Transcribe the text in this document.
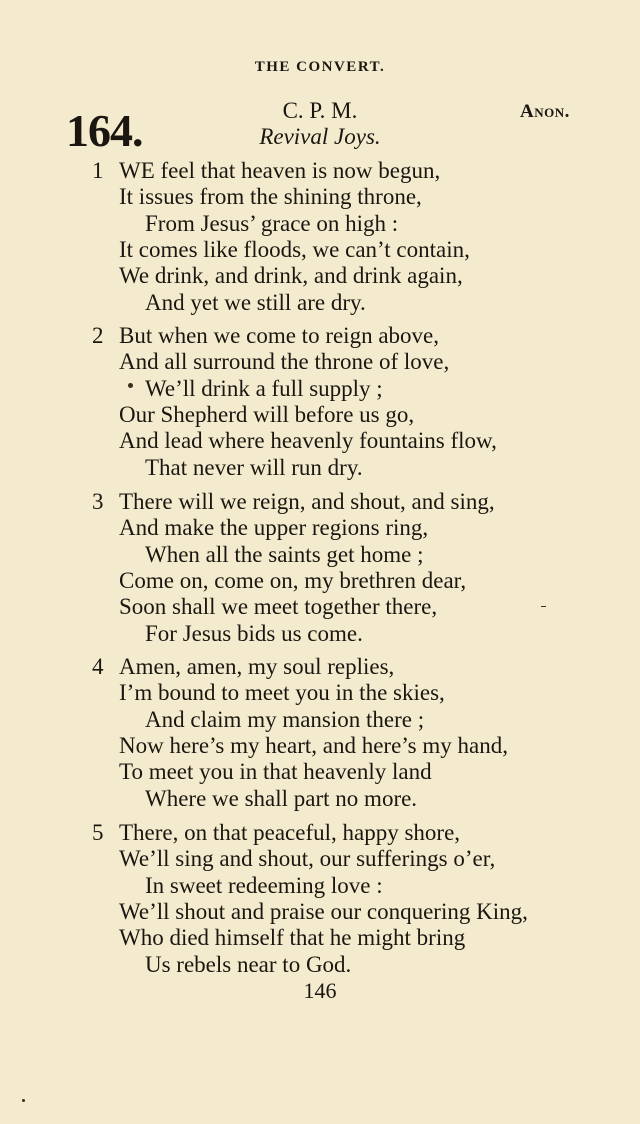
THE CONVERT.
164.	C. P. M.
Revival Joys.
Anon.
1 WE feel that heaven is now begun,
It issues from the shining throne,
From Jesus’ grace on high :
It comes like floods, we can’t contain,
We drink, and drink, and drink again,
And yet we still are dry.
2 But when we come to reign above,
And all surround the throne of love,
We’ll drink a full supply ;
Our Shepherd will before us go,
And lead where heavenly fountains flow,
That never will run dry.
3 There will we reign, and shout, and sing,
And make the upper regions ring,
When all the saints get home ;
Come on, come on, my brethren dear,
Soon shall we meet together there,
For Jesus bids us come.
4 Amen, amen, my soul replies,
I’m bound to meet you in the skies,
And claim my mansion there ;
Now here’s my heart, and here’s my hand,
To meet you in that heavenly land
Where we shall part no more.
5 There, on that peaceful, happy shore,
We’ll sing and shout, our sufferings o’er,
In sweet redeeming love :
We’ll shout and praise our conquering King,
Who died himself that he might bring
Us rebels near to God.
146
